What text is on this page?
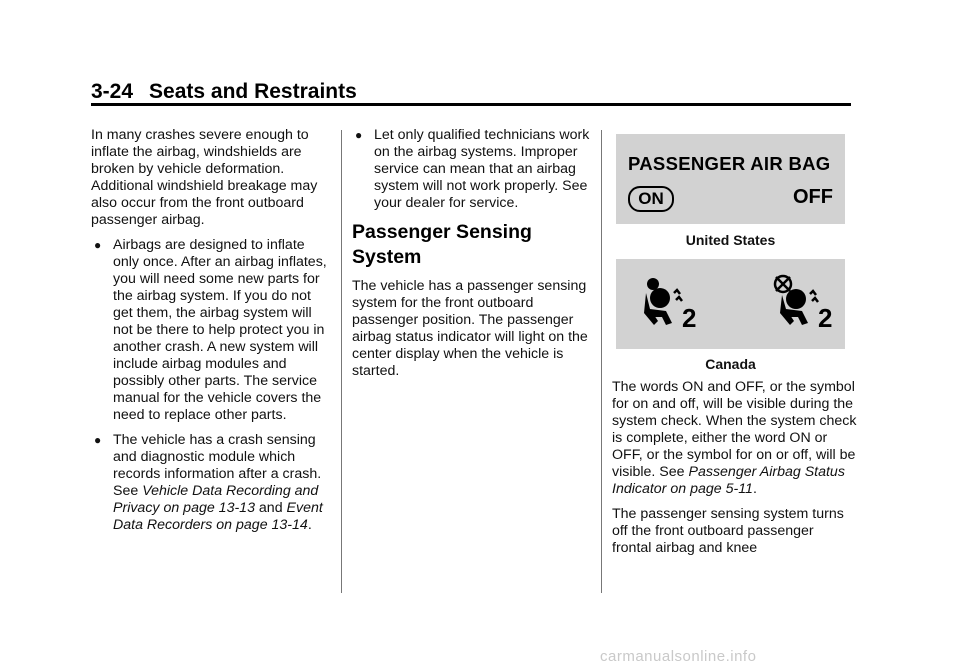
3-24 Seats and Restraints

In many crashes severe enough to inflate the airbag, windshields are broken by vehicle deformation. Additional windshield breakage may also occur from the front outboard passenger airbag.

● Airbags are designed to inflate only once. After an airbag inflates, you will need some new parts for the airbag system. If you do not get them, the airbag system will not be there to help protect you in another crash. A new system will include airbag modules and possibly other parts. The service manual for the vehicle covers the need to replace other parts.
● The vehicle has a crash sensing and diagnostic module which records information after a crash. See Vehicle Data Recording and Privacy on page 13-13 and Event Data Recorders on page 13-14.
● Let only qualified technicians work on the airbag systems. Improper service can mean that an airbag system will not work properly. See your dealer for service.
Passenger Sensing System

The vehicle has a passenger sensing system for the front outboard passenger position. The passenger airbag status indicator will light on the center display when the vehicle is started.

PASSENGER AIR BAG
ON	OFF
United States
2	2
Canada

The words ON and OFF, or the symbol for on and off, will be visible during the system check. When the system check is complete, either the word ON or OFF, or the symbol for on or off, will be visible. See Passenger Airbag Status Indicator on page 5-11.

The passenger sensing system turns off the front outboard passenger frontal airbag and knee

carmanualsonline.info
